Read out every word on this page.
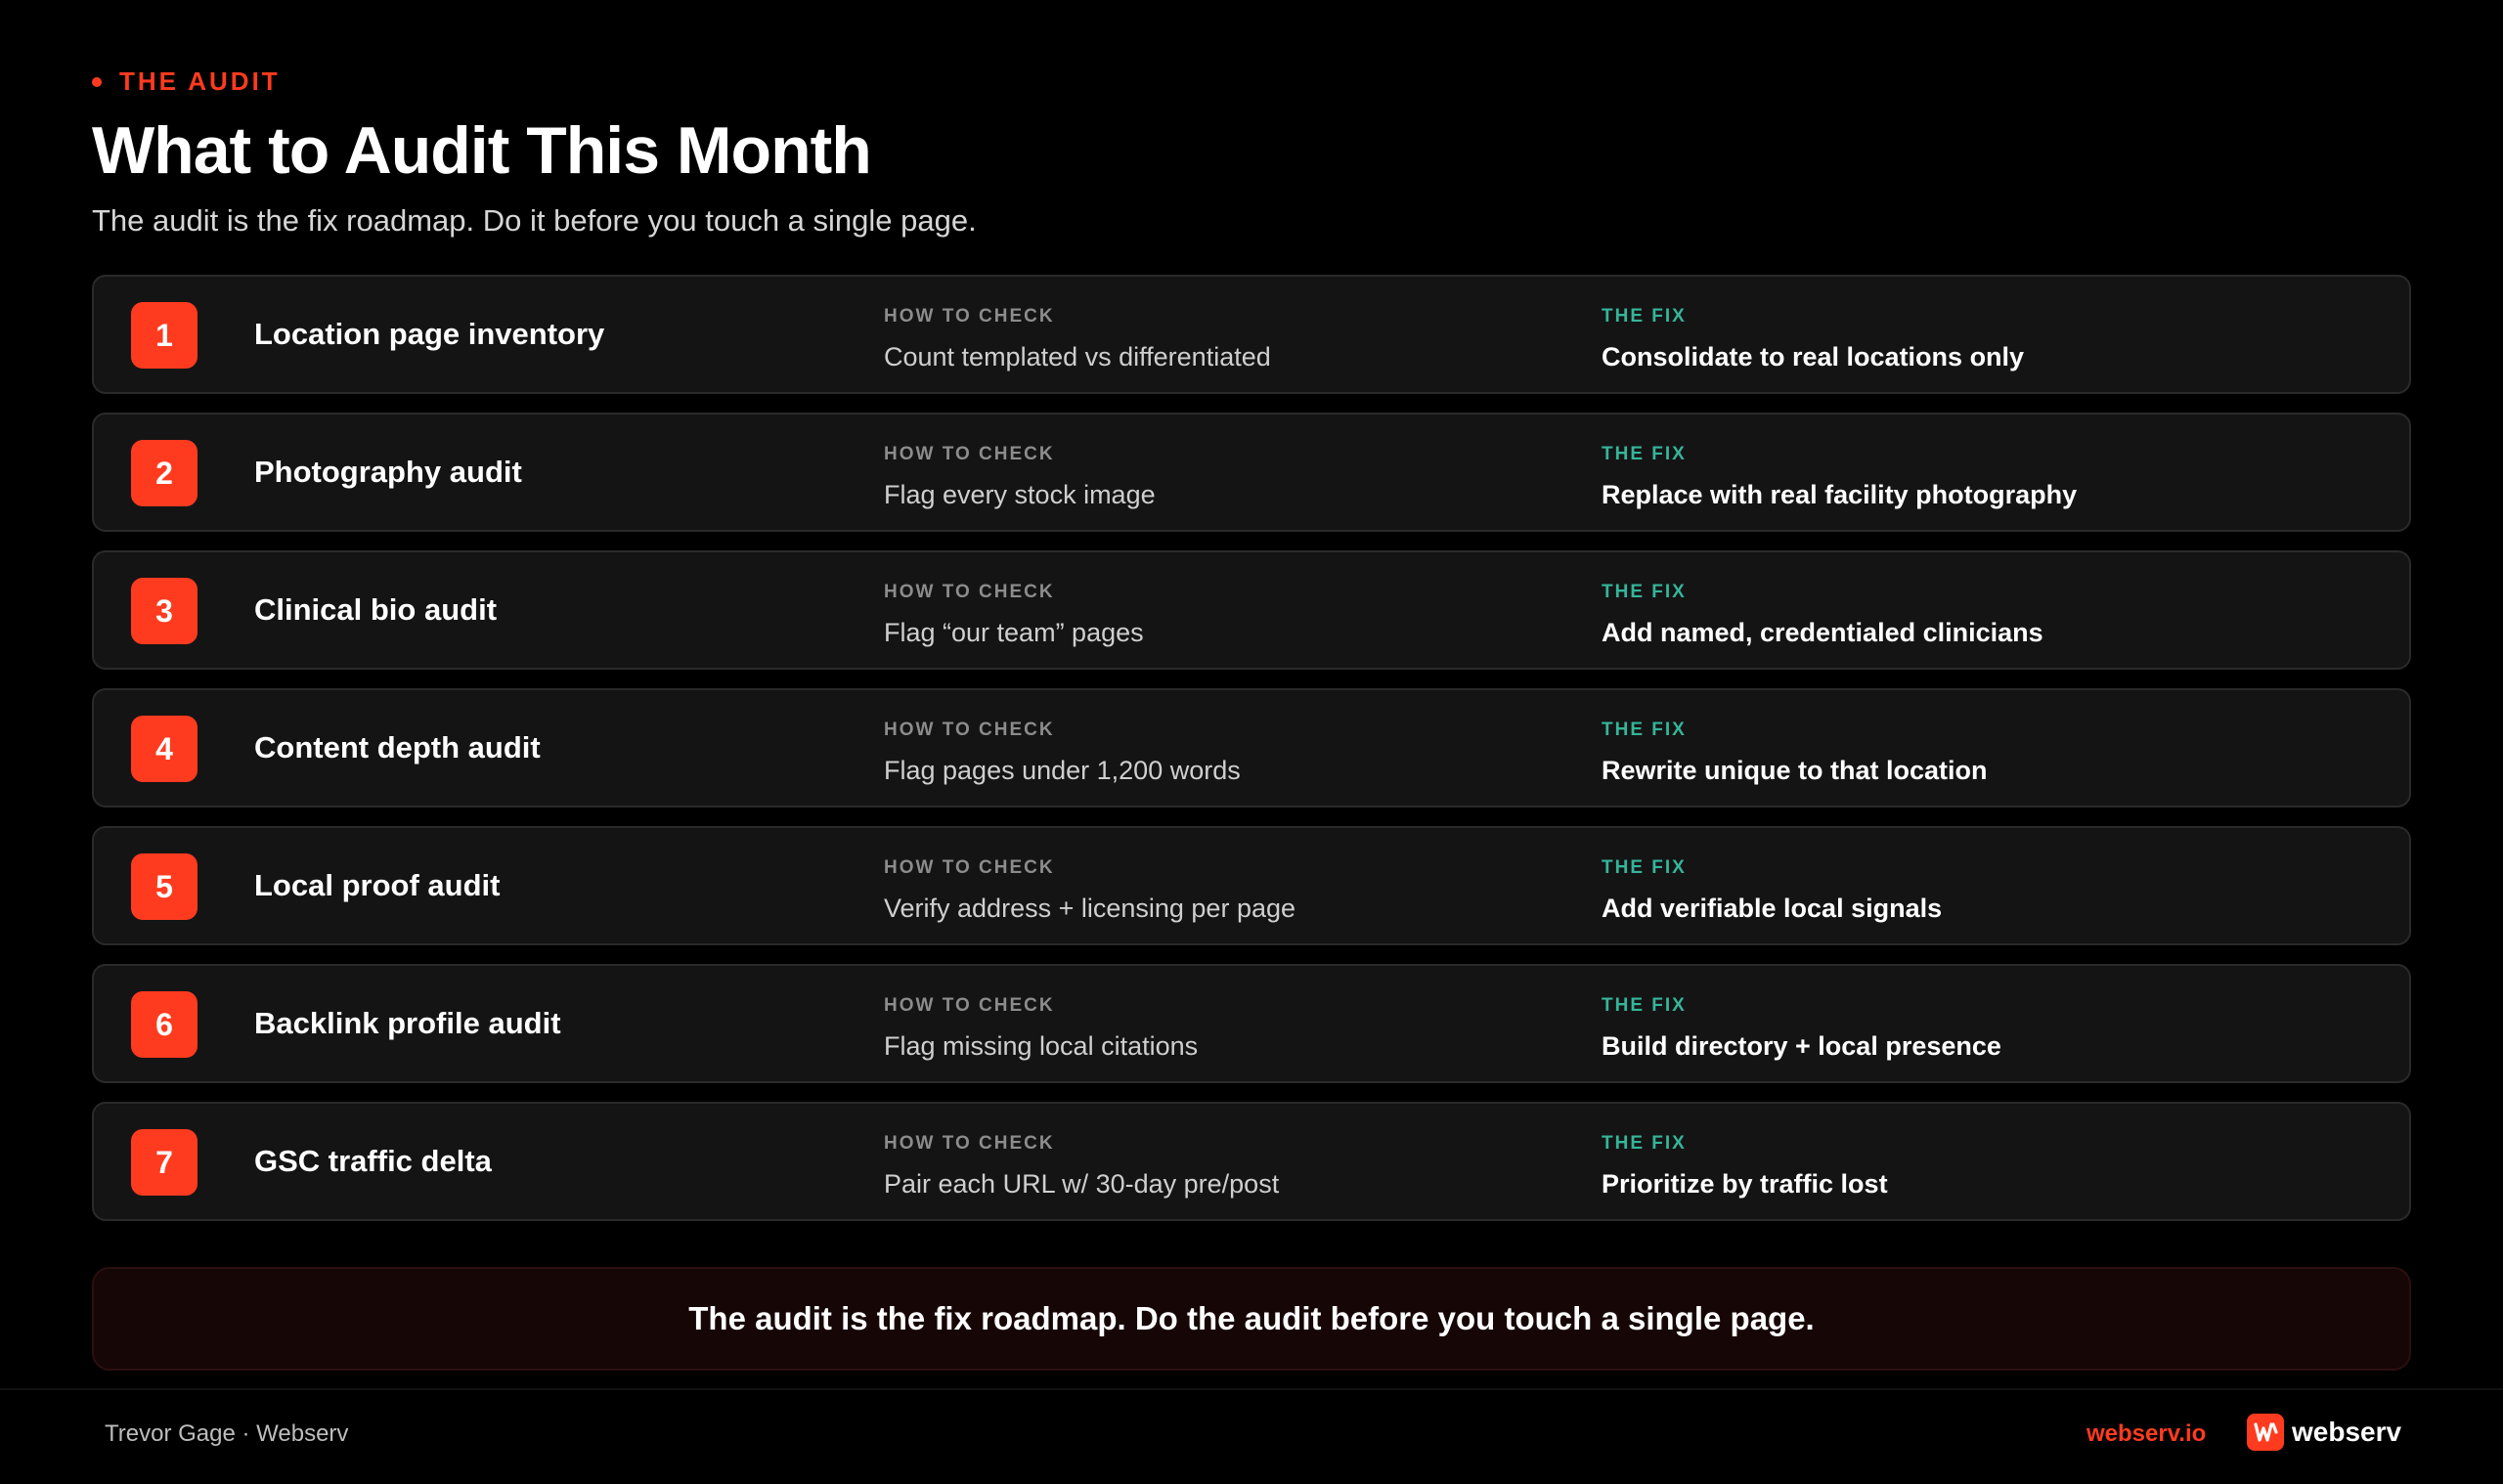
THE AUDIT
What to Audit This Month

The audit is the fix roadmap. Do it before you touch a single page.

1	Location page inventory
HOW TO CHECK
Count templated vs differentiated
THE FIX
Consolidate to real locations only
2	Photography audit
HOW TO CHECK
Flag every stock image
THE FIX
Replace with real facility photography
3	Clinical bio audit
HOW TO CHECK
Flag “our team” pages
THE FIX
Add named, credentialed clinicians
4	Content depth audit
HOW TO CHECK
Flag pages under 1,200 words
THE FIX
Rewrite unique to that location
5	Local proof audit
HOW TO CHECK
Verify address + licensing per page
THE FIX
Add verifiable local signals
6	Backlink profile audit
HOW TO CHECK
Flag missing local citations
THE FIX
Build directory + local presence
7	GSC traffic delta
HOW TO CHECK
Pair each URL w/ 30-day pre/post
THE FIX
Prioritize by traffic lost
The audit is the fix roadmap. Do the audit before you touch a single page.
Trevor Gage · Webserv	webserv.io	webserv
